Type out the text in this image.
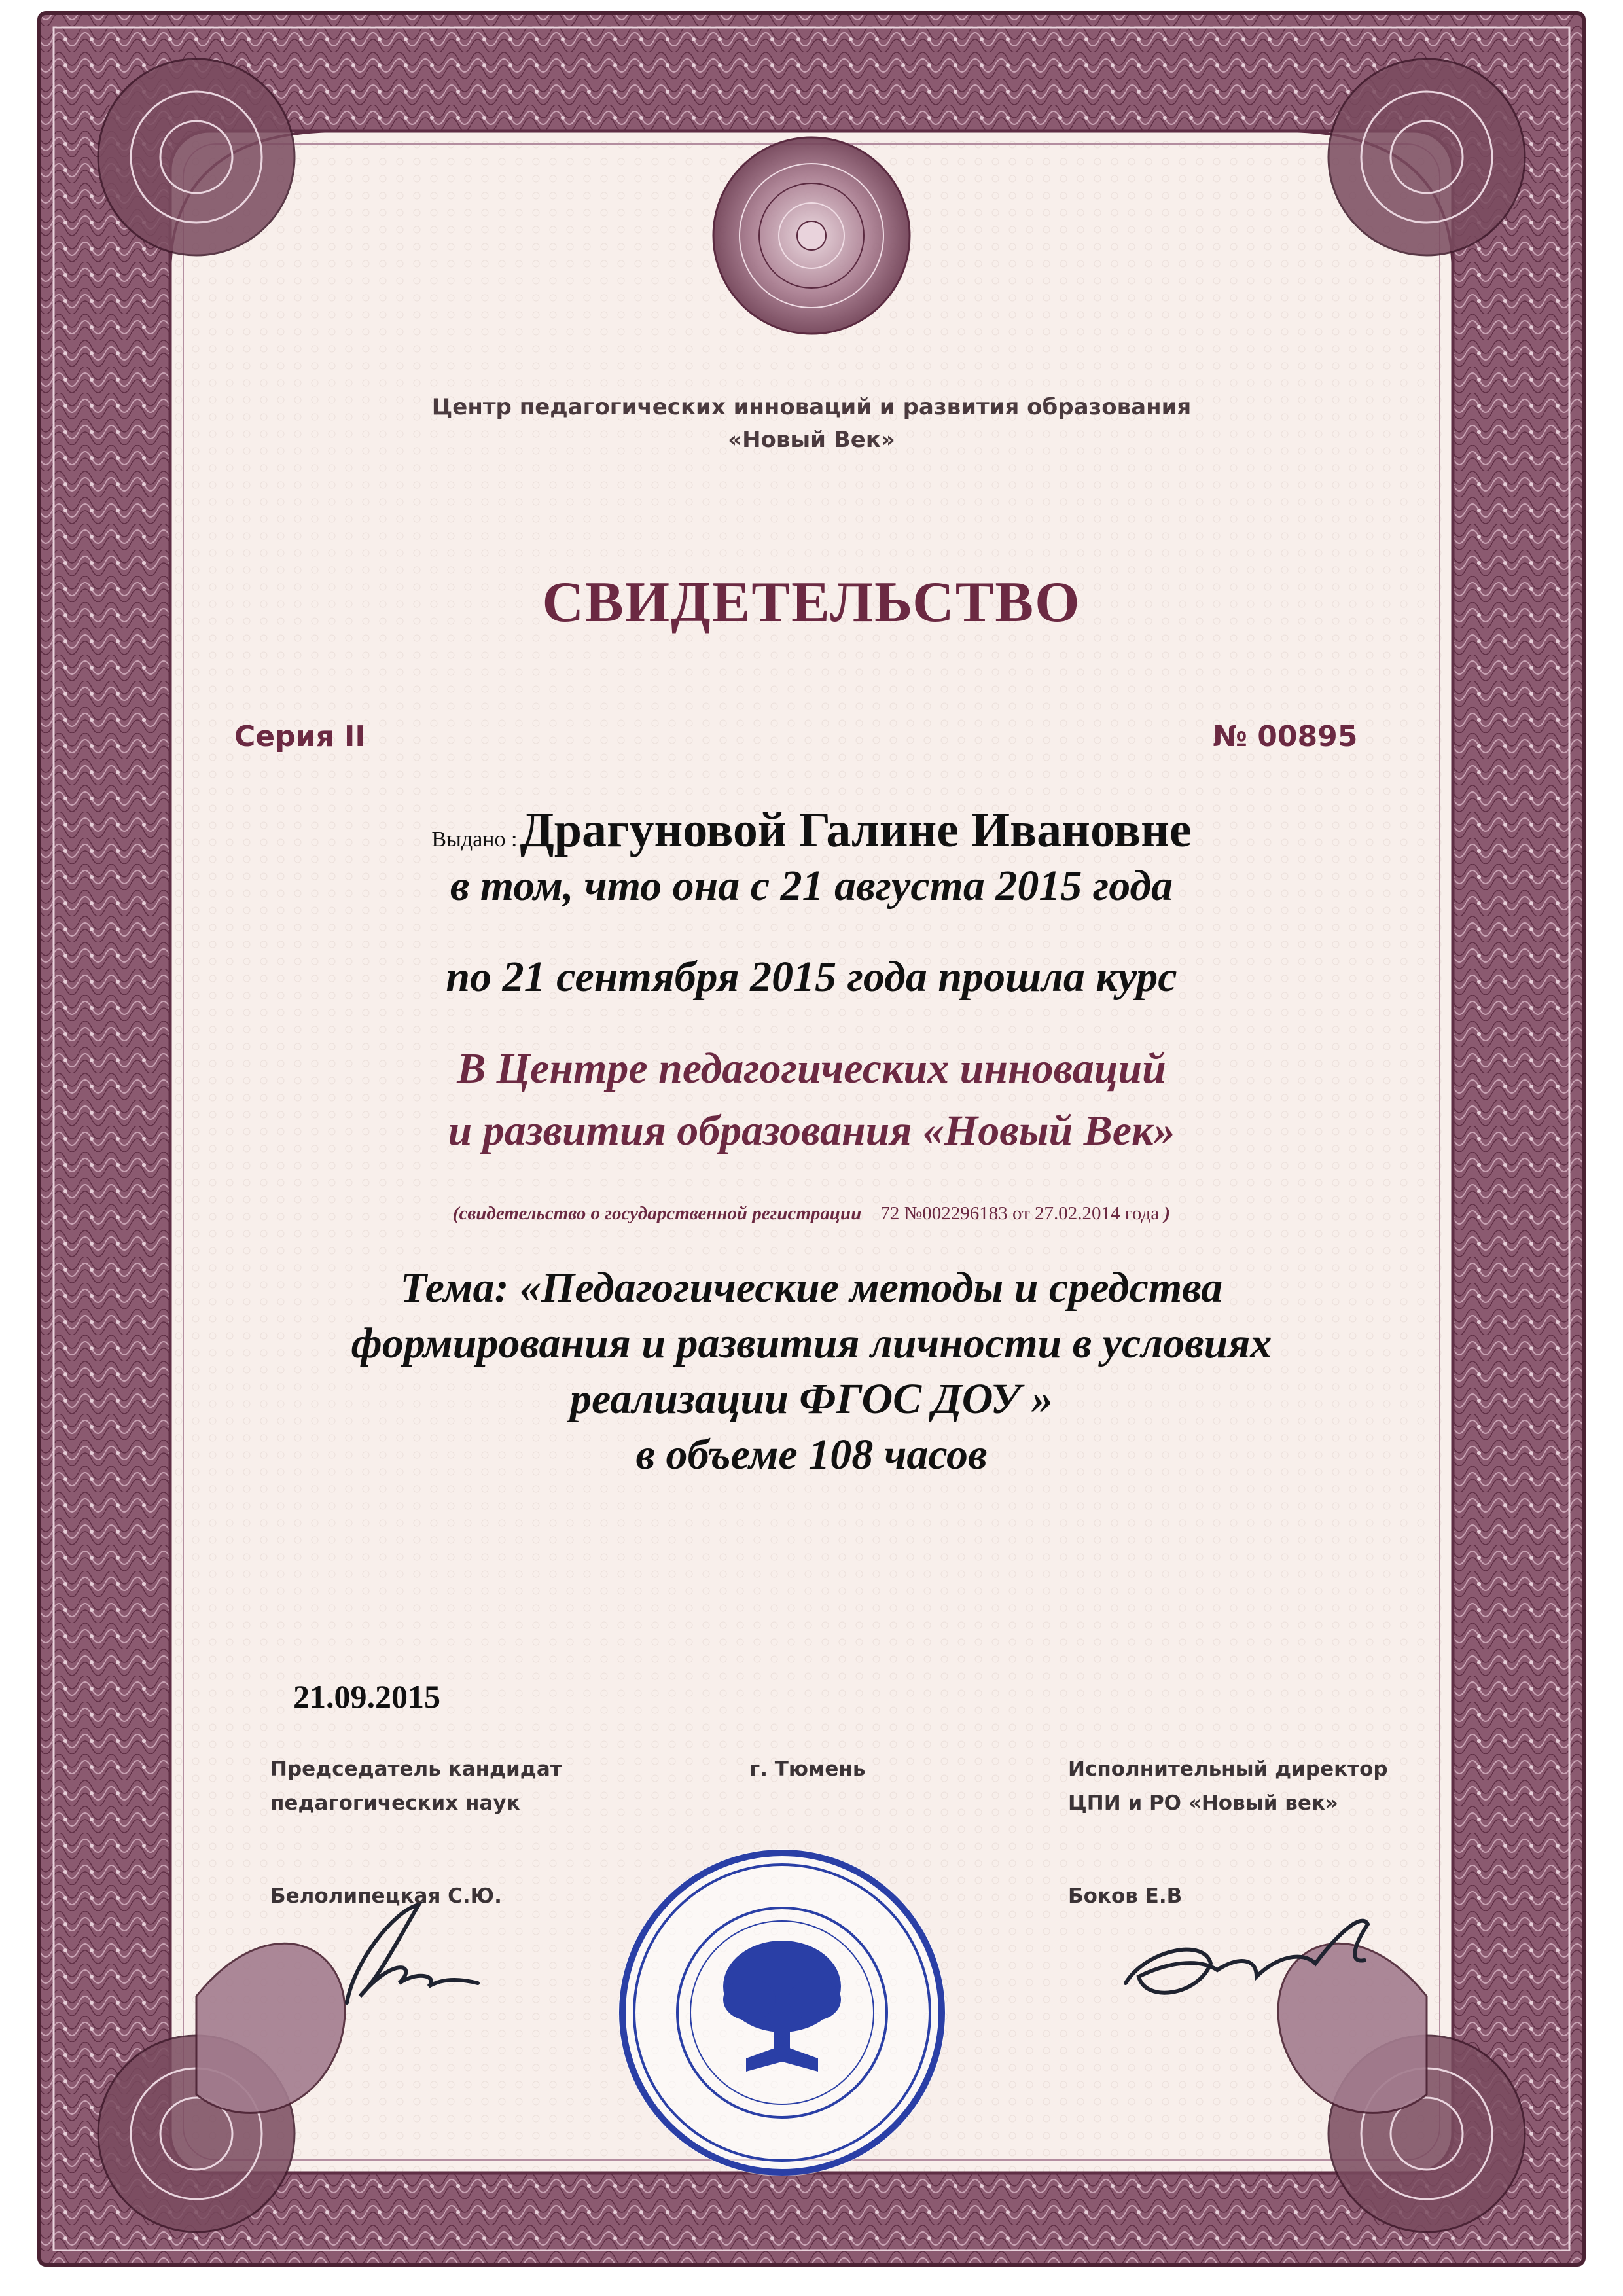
Центр педагогических инноваций и развития образования
«Новый Век»
СВИДЕТЕЛЬСТВО
Серия II	№ 00895
Выдано : Драгуновой Галине Ивановне
в том, что она с 21 августа 2015 года
по 21 сентября 2015 года прошла курс
В Центре педагогических инноваций
и развития образования «Новый Век»
(свидетельство о государственной регистрации 72 №002296183 от 27.02.2014 года )
Тема: «Педагогические методы и средства
формирования и развития личности в условиях
реализации ФГОС ДОУ »
в объеме 108 часов
21.09.2015
Председатель кандидат
педагогических наук
Белолипецкая С.Ю.
г. Тюмень	Исполнительный директор
ЦПИ и РО «Новый век»
Боков Е.В
